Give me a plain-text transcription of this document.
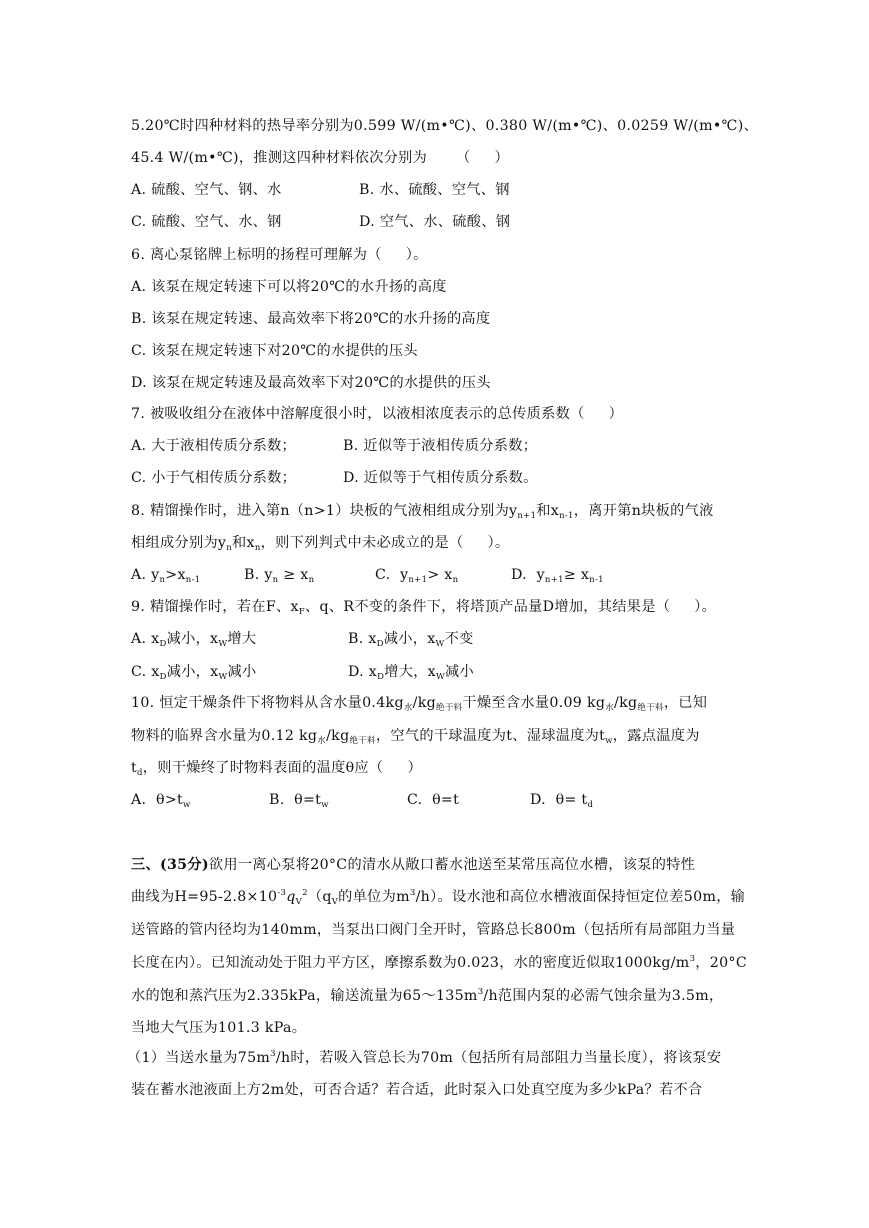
5.20℃时四种材料的热导率分别为0.599 W/(m•℃)、0.380 W/(m•℃)、0.0259 W/(m•℃)、
45.4 W/(m•℃)，推测这四种材料依次分别为      （     ）

A. 硫酸、空气、钢、水

	B. 水、硫酸、空气、钢

C. 硫酸、空气、水、钢

	D. 空气、水、硫酸、钢

6. 离心泵铭牌上标明的扬程可理解为（     ）。
A. 该泵在规定转速下可以将20℃的水升扬的高度
B. 该泵在规定转速、最高效率下将20℃的水升扬的高度
C. 该泵在规定转速下对20℃的水提供的压头
D. 该泵在规定转速及最高效率下对20℃的水提供的压头
7. 被吸收组分在液体中溶解度很小时，以液相浓度表示的总传质系数（     ）

A. 大于液相传质分系数；

	B. 近似等于液相传质分系数；

C. 小于气相传质分系数；

	D. 近似等于气相传质分系数。

8. 精馏操作时，进入第n（n>1）块板的气液相组成分别为$y_{n+1}$和$x_{n-1}$，离开第n块板的气液
相组成分别为$y_n$和$x_n$，则下列判式中未必成立的是（     ）。

A. $y_n>x_{n-1}$

	B. $y_n \ge x_n$

	C.  $y_{n+1}> x_n$

	D.  $y_{n+1}\ge x_{n-1}$

9. 精馏操作时，若在F、$x_F$、q、R不变的条件下，将塔顶产品量D增加，其结果是（     ）。

A. $x_D$减小，$x_W$增大

	B. $x_D$减小，$x_W$不变

C. $x_D$减小，$x_W$减小

	D. $x_D$增大，$x_W$减小

10. 恒定干燥条件下将物料从含水量$0.4kg_水/kg_{绝干料}$干燥至含水量0.09 $kg_水/kg_{绝干料}$，已知
物料的临界含水量为0.12 $kg_水/kg_{绝干料}$，空气的干球温度为t、湿球温度为$t_w$，露点温度为
$t_d$，则干燥终了时物料表面的温度θ应（     ）

A.  $\theta>t_w$

	B.  $\theta=t_w$

	C.  θ=t

	D.  $\theta= t_d$

三、(35分)欲用一离心泵将20°C的清水从敞口蓄水池送至某常压高位水槽，该泵的特性
曲线为$H=95-2.8\times 10^{-3}q_V^2(q_V$的单位为$m^3/h$）。设水池和高位水槽液面保持恒定位差50m，输
送管路的管内径均为140mm，当泵出口阀门全开时，管路总长800m（包括所有局部阻力当量
长度在内）。已知流动处于阻力平方区，摩擦系数为0.023，水的密度近似取$1000kg/m^3$，20°C
水的饱和蒸汽压为2.335kPa，输送流量为$65\sim 135m^3/h$范围内泵的必需气蚀余量为3.5m，
当地大气压为101.3 kPa。
（1）当送水量为$75m^3/h$时，若吸入管总长为70m（包括所有局部阻力当量长度），将该泵安
装在蓄水池液面上方2m处，可否合适？若合适，此时泵入口处真空度为多少kPa？若不合
